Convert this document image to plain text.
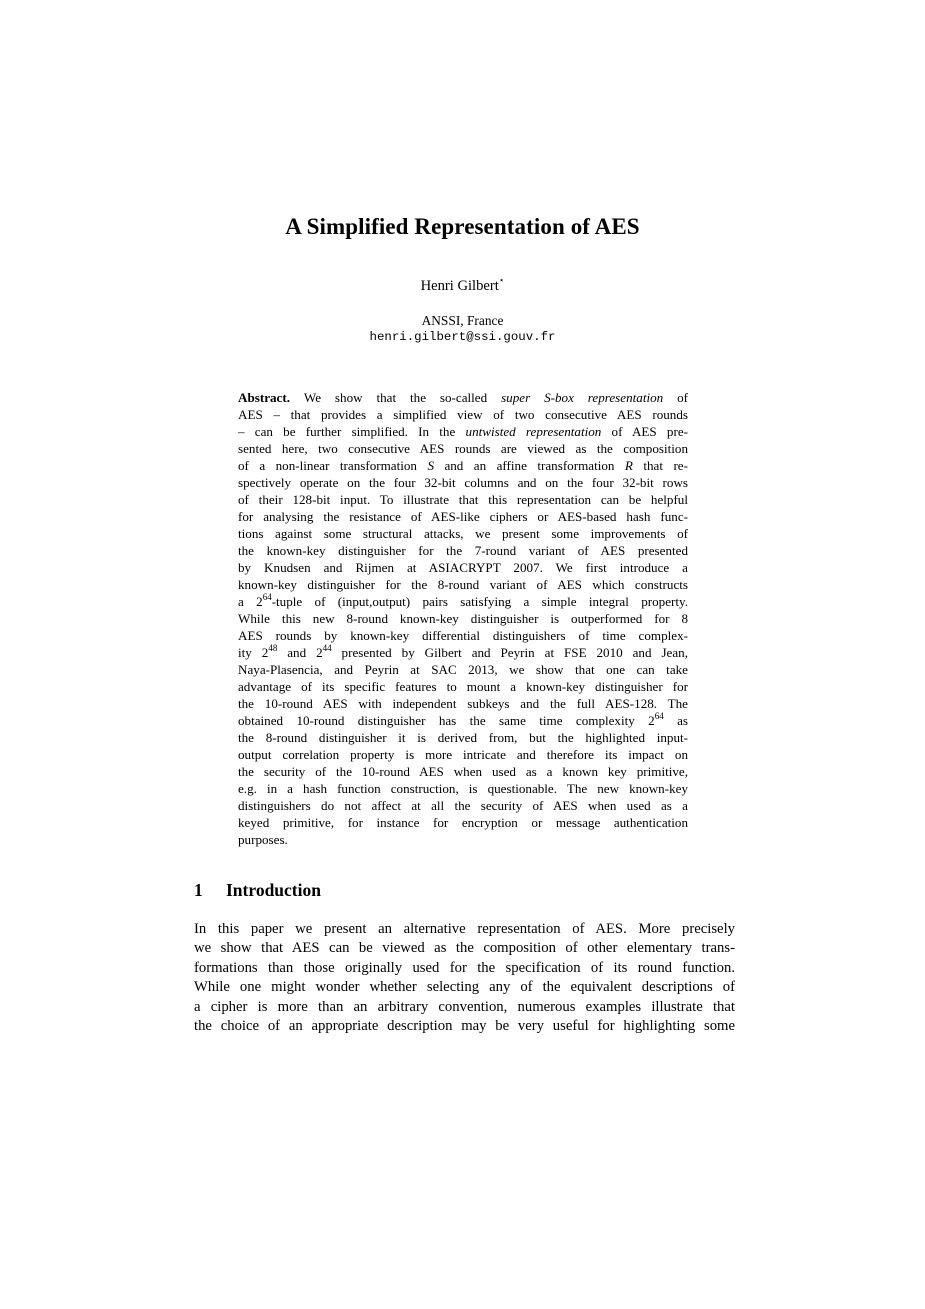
A Simplified Representation of AES
Henri Gilbert⋆
ANSSI, France
henri.gilbert@ssi.gouv.fr
Abstract. We show that the so-called super S-box representation of
AES – that provides a simplified view of two consecutive AES rounds
– can be further simplified. In the untwisted representation of AES pre-
sented here, two consecutive AES rounds are viewed as the composition
of a non-linear transformation S and an affine transformation R that re-
spectively operate on the four 32-bit columns and on the four 32-bit rows
of their 128-bit input. To illustrate that this representation can be helpful
for analysing the resistance of AES-like ciphers or AES-based hash func-
tions against some structural attacks, we present some improvements of
the known-key distinguisher for the 7-round variant of AES presented
by Knudsen and Rijmen at ASIACRYPT 2007. We first introduce a
known-key distinguisher for the 8-round variant of AES which constructs
a $2^{64}$-tuple of (input,output) pairs satisfying a simple integral property.
While this new 8-round known-key distinguisher is outperformed for 8
AES rounds by known-key differential distinguishers of time complex-
ity $2^{48}$ and $2^{44}$ presented by Gilbert and Peyrin at FSE 2010 and Jean,
Naya-Plasencia, and Peyrin at SAC 2013, we show that one can take
advantage of its specific features to mount a known-key distinguisher for
the 10-round AES with independent subkeys and the full AES-128. The
obtained 10-round distinguisher has the same time complexity $2^{64}$ as
the 8-round distinguisher it is derived from, but the highlighted input-
output correlation property is more intricate and therefore its impact on
the security of the 10-round AES when used as a known key primitive,
e.g. in a hash function construction, is questionable. The new known-key
distinguishers do not affect at all the security of AES when used as a
keyed primitive, for instance for encryption or message authentication
purposes.
1 Introduction
In this paper we present an alternative representation of AES. More precisely
we show that AES can be viewed as the composition of other elementary trans-
formations than those originally used for the specification of its round function.
While one might wonder whether selecting any of the equivalent descriptions of
a cipher is more than an arbitrary convention, numerous examples illustrate that
the choice of an appropriate description may be very useful for highlighting some
